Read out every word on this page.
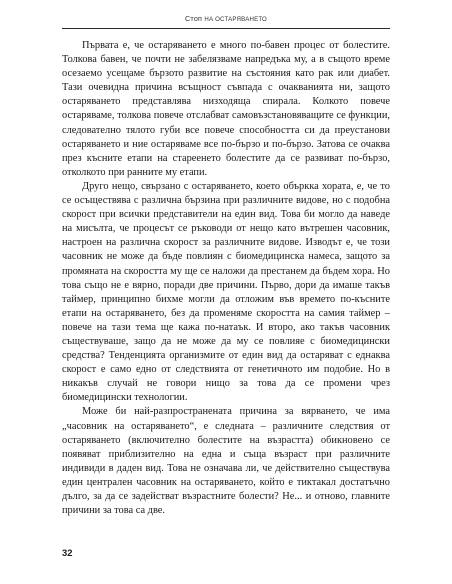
Стоп НА ОСТАРЯВАНЕТО

Първата е, че остаряването е много по-бавен процес от болестите. Толкова бавен, че почти не забелязваме напредъка му, а в същото време осезаемо усещаме бързото развитие на състояния като рак или диабет. Тази очевидна причина всъщност съвпада с очакванията ни, защото остаряването представлява низходяща спирала. Колкото повече остаряваме, толкова повече отслабват самовъзстановяващите се функции, следователно тялото губи все повече способността си да преустанови остаряването и ние остаряваме все по-бързо и по-бързо. Затова се очаква през късните етапи на стареенето болестите да се развиват по-бързо, отколкото при ранните му етапи.

Друго нещо, свързано с остаряването, което объркка хората, е, че то се осъществява с различна бързина при различните видове, но с подобна скорост при всички представители на един вид. Това би могло да наведе на мисълта, че процесът се ръководи от нещо като вътрешен часовник, настроен на различна скорост за различните видове. Изводът е, че този часовник не може да бъде повлиян с биомедицинска намеса, защото за промяната на скоростта му ще се наложи да престанем да бъдем хора. Но това също не е вярно, поради две причини. Първо, дори да имаше такъв таймер, принципно бихме могли да отложим във времето по-късните етапи на остаряването, без да променяме скоростта на самия таймер – повече на тази тема ще кажа по-натаък. И второ, ако такъв часовник съществуваше, защо да не може да му се повлияе с биомедицински средства? Тенденцията организмите от един вид да остаряват с еднаква скорост е само едно от следствията от генетичното им подобие. Но в никакъв случай не говори нищо за това да се промени чрез биомедицински технологии.

Може би най-разпространената причина за вярването, че има „часовник на остаряването“, е следната – различните следствия от остаряването (включително болестите на възрастта) обикновено се появяват приблизително на една и съща възраст при различните индивиди в даден вид. Това не означава ли, че действително съществува един централен часовник на остаряването, който е тиктакал достатъчно дълго, за да се задействат възрастните болести? Не... и отново, главните причини за това са две.

32
